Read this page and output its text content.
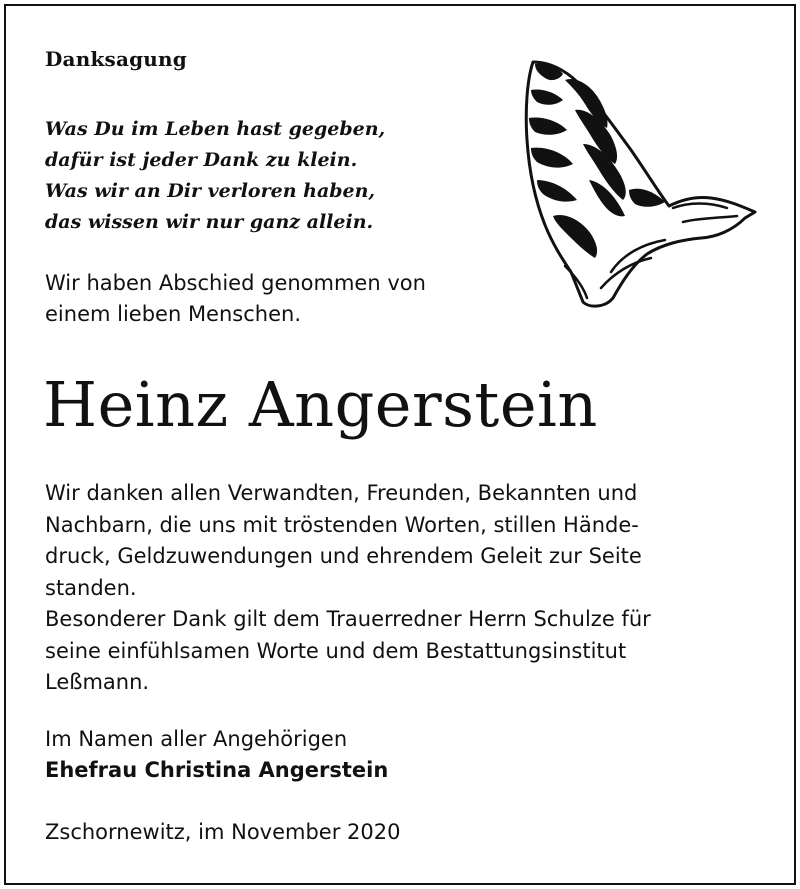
Danksagung
Was Du im Leben hast gegeben,
dafür ist jeder Dank zu klein.
Was wir an Dir verloren haben,
das wissen wir nur ganz allein.
Wir haben Abschied genommen von
einem lieben Menschen.
Heinz Angerstein
Wir danken allen Verwandten, Freunden, Bekannten und
Nachbarn, die uns mit tröstenden Worten, stillen Hände-
druck, Geldzuwendungen und ehrendem Geleit zur Seite
standen.
Besonderer Dank gilt dem Trauerredner Herrn Schulze für
seine einfühlsamen Worte und dem Bestattungsinstitut
Leßmann.
Im Namen aller Angehörigen
Ehefrau Christina Angerstein
Zschornewitz, im November 2020
